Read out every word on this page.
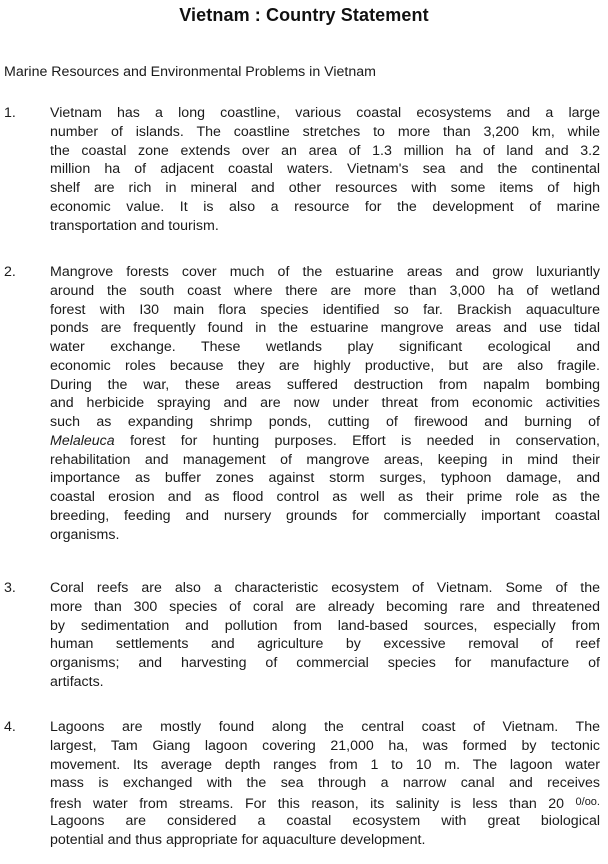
Vietnam : Country Statement
Marine Resources and Environmental Problems in Vietnam
1. Vietnam has a long coastline, various coastal ecosystems and a large
number of islands. The coastline stretches to more than 3,200 km, while
the coastal zone extends over an area of 1.3 million ha of land and 3.2
million ha of adjacent coastal waters. Vietnam's sea and the continental
shelf are rich in mineral and other resources with some items of high
economic value. It is also a resource for the development of marine
transportation and tourism.
2. Mangrove forests cover much of the estuarine areas and grow luxuriantly
around the south coast where there are more than 3,000 ha of wetland
forest with I30 main flora species identified so far. Brackish aquaculture
ponds are frequently found in the estuarine mangrove areas and use tidal
water exchange. These wetlands play significant ecological and
economic roles because they are highly productive, but are also fragile.
During the war, these areas suffered destruction from napalm bombing
and herbicide spraying and are now under threat from economic activities
such as expanding shrimp ponds, cutting of firewood and burning of
Melaleuca forest for hunting purposes. Effort is needed in conservation,
rehabilitation and management of mangrove areas, keeping in mind their
importance as buffer zones against storm surges, typhoon damage, and
coastal erosion and as flood control as well as their prime role as the
breeding, feeding and nursery grounds for commercially important coastal
organisms.
3. Coral reefs are also a characteristic ecosystem of Vietnam. Some of the
more than 300 species of coral are already becoming rare and threatened
by sedimentation and pollution from land-based sources, especially from
human settlements and agriculture by excessive removal of reef
organisms; and harvesting of commercial species for manufacture of
artifacts.
4. Lagoons are mostly found along the central coast of Vietnam. The
largest, Tam Giang lagoon covering 21,000 ha, was formed by tectonic
movement. Its average depth ranges from 1 to 10 m. The lagoon water
mass is exchanged with the sea through a narrow canal and receives
fresh water from streams. For this reason, its salinity is less than 20 $^{0/oo.}$
Lagoons are considered a coastal ecosystem with great biological
potential and thus appropriate for aquaculture development.
